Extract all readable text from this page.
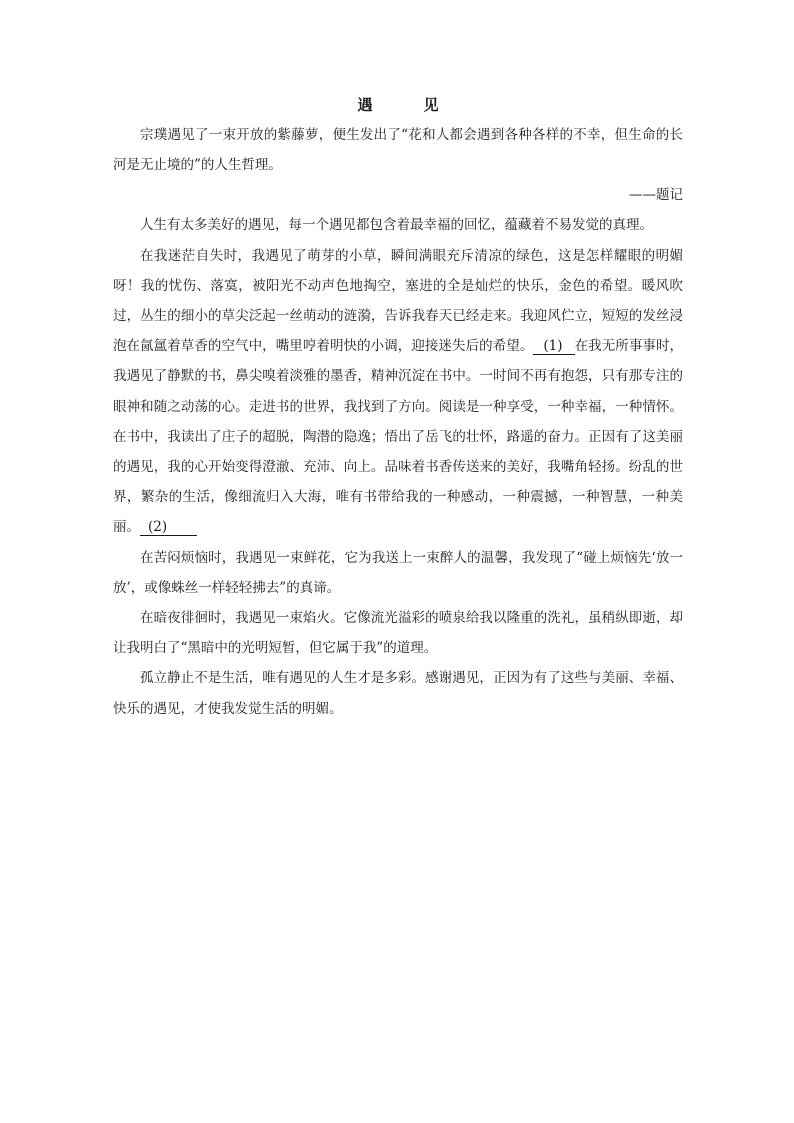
遇　见

宗璞遇见了一束开放的紫藤萝，便生发出了“花和人都会遇到各种各样的不幸，但生命的长河是无止境的”的人生哲理。

——题记

人生有太多美好的遇见，每一个遇见都包含着最幸福的回忆，蕴藏着不易发觉的真理。

在我迷茫自失时，我遇见了萌芽的小草，瞬间满眼充斥清凉的绿色，这是怎样耀眼的明媚呀！我的忧伤、落寞，被阳光不动声色地掏空，塞进的全是灿烂的快乐，金色的希望。暖风吹过，丛生的细小的草尖泛起一丝萌动的涟漪，告诉我春天已经走来。我迎风伫立，短短的发丝浸泡在氤氲着草香的空气中，嘴里哼着明快的小调，迎接迷失后的希望。 (1) 在我无所事事时，我遇见了静默的书，鼻尖嗅着淡雅的墨香，精神沉淀在书中。一时间不再有抱怨，只有那专注的眼神和随之动荡的心。走进书的世界，我找到了方向。阅读是一种享受，一种幸福，一种情怀。在书中，我读出了庄子的超脱，陶潜的隐逸；悟出了岳飞的壮怀，路遥的奋力。正因有了这美丽的遇见，我的心开始变得澄澈、充沛、向上。品味着书香传送来的美好，我嘴角轻扬。纷乱的世界，繁杂的生活，像细流归入大海，唯有书带给我的一种感动，一种震撼，一种智慧，一种美丽。 (2)

在苦闷烦恼时，我遇见一束鲜花，它为我送上一束醉人的温馨，我发现了“碰上烦恼先‘放一放’，或像蛛丝一样轻轻拂去”的真谛。

在暗夜徘徊时，我遇见一束焰火。它像流光溢彩的喷泉给我以隆重的洗礼，虽稍纵即逝，却让我明白了“黑暗中的光明短暂，但它属于我”的道理。

孤立静止不是生活，唯有遇见的人生才是多彩。感谢遇见，正因为有了这些与美丽、幸福、快乐的遇见，才使我发觉生活的明媚。
